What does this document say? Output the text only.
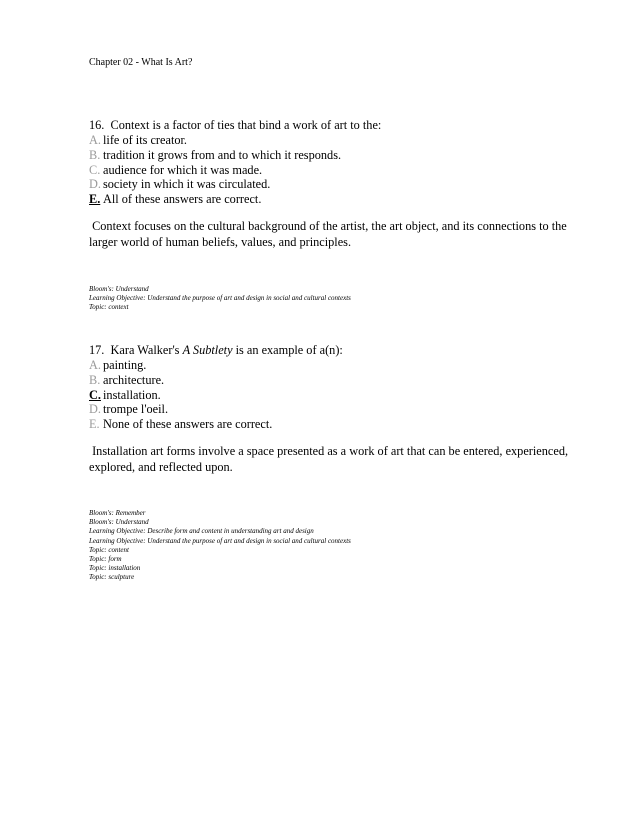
Chapter 02 - What Is Art?
16. Context is a factor of ties that bind a work of art to the:
A. life of its creator.
B. tradition it grows from and to which it responds.
C. audience for which it was made.
D. society in which it was circulated.
E. All of these answers are correct.
Context focuses on the cultural background of the artist, the art object, and its connections to the larger world of human beliefs, values, and principles.
Bloom's: Understand
Learning Objective: Understand the purpose of art and design in social and cultural contexts
Topic: context
17. Kara Walker's A Subtlety is an example of a(n):
A. painting.
B. architecture.
C. installation.
D. trompe l'oeil.
E. None of these answers are correct.
Installation art forms involve a space presented as a work of art that can be entered, experienced, explored, and reflected upon.
Bloom's: Remember
Bloom's: Understand
Learning Objective: Describe form and content in understanding art and design
Learning Objective: Understand the purpose of art and design in social and cultural contexts
Topic: content
Topic: form
Topic: installation
Topic: sculpture
